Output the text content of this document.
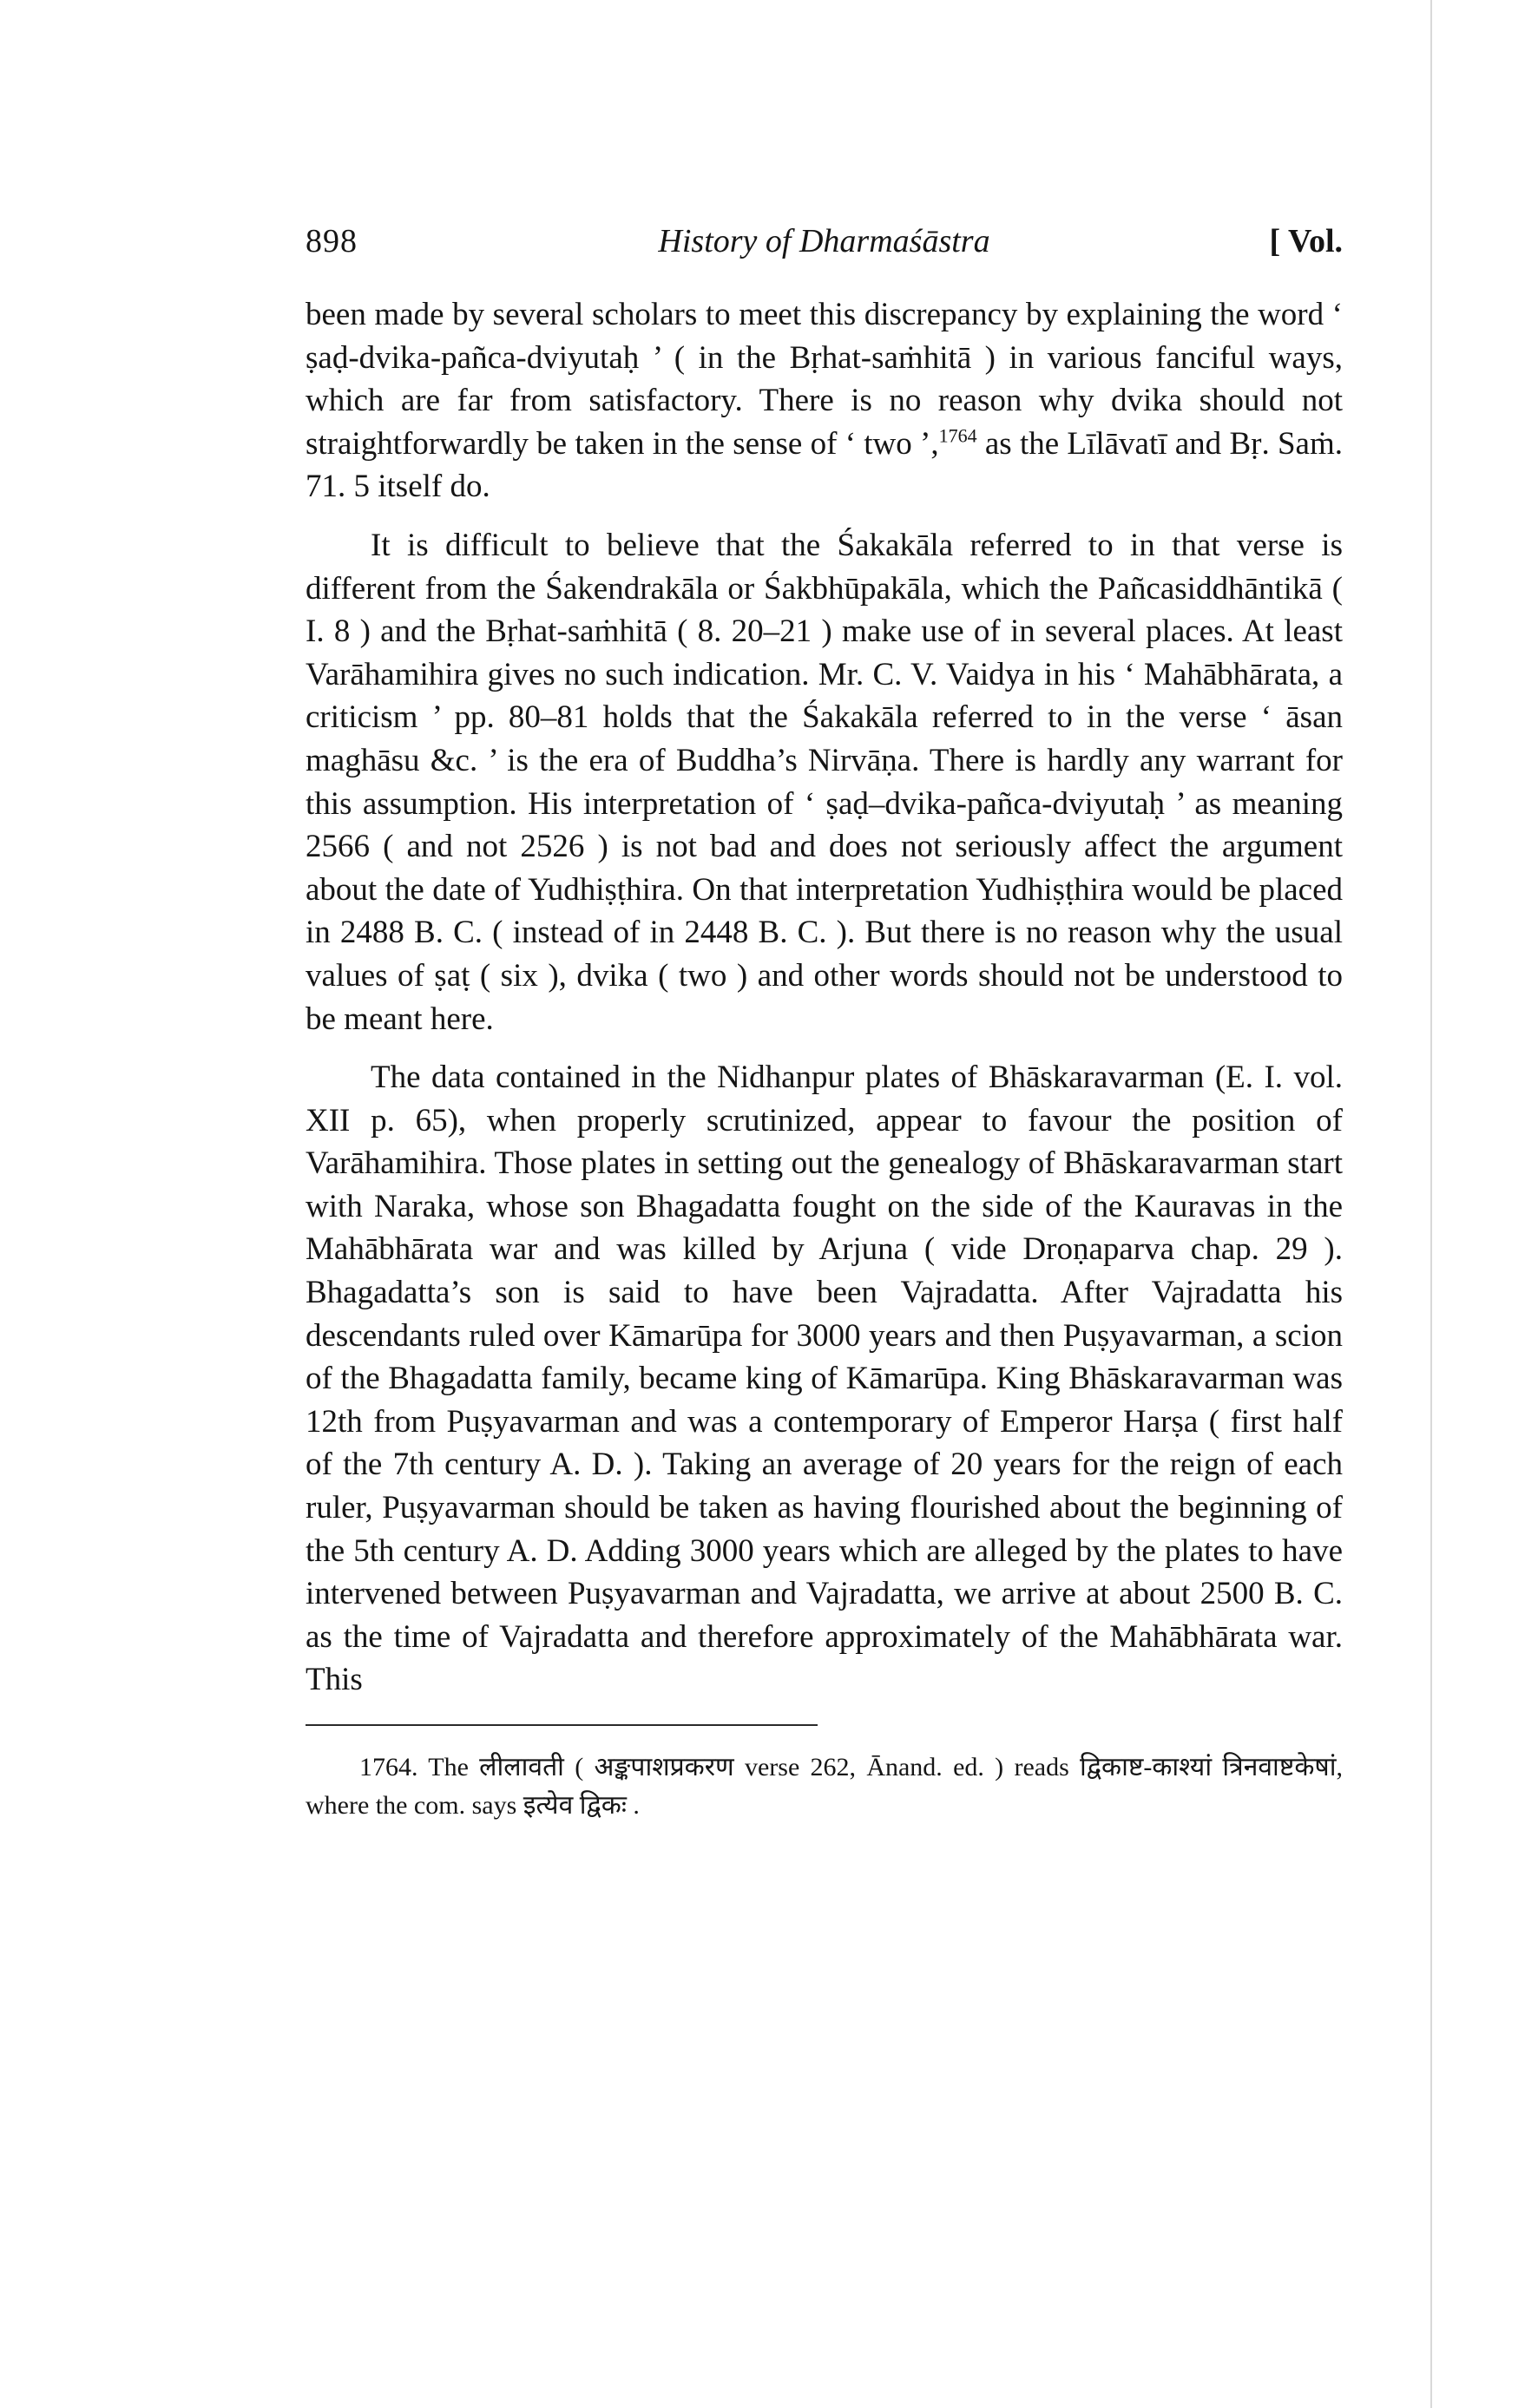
898	History of Dharmaśāstra	[ Vol.

been made by several scholars to meet this discrepancy by explaining the word ‘ ṣaḍ-dvika-pañca-dviyutaḥ ’ ( in the Bṛhat-saṁhitā ) in various fanciful ways, which are far from satisfactory. There is no reason why dvika should not straightforwardly be taken in the sense of ‘ two ’,$^{1764}$ as the Līlāvatī and Bṛ. Saṁ. 71. 5 itself do.

It is difficult to believe that the Śakakāla referred to in that verse is different from the Śakendrakāla or Śakbhūpakāla, which the Pañcasiddhāntikā ( I. 8 ) and the Bṛhat-saṁhitā ( 8. 20–21 ) make use of in several places. At least Varāhamihira gives no such indication. Mr. C. V. Vaidya in his ‘ Mahābhārata, a criticism ’ pp. 80–81 holds that the Śakakāla referred to in the verse ‘ āsan maghāsu &c. ’ is the era of Buddha’s Nirvāṇa. There is hardly any warrant for this assumption. His interpretation of ‘ ṣaḍ–dvika-pañca-dviyutaḥ ’ as meaning 2566 ( and not 2526 ) is not bad and does not seriously affect the argument about the date of Yudhiṣṭhira. On that interpretation Yudhiṣṭhira would be placed in 2488 B. C. ( instead of in 2448 B. C. ). But there is no reason why the usual values of ṣaṭ ( six ), dvika ( two ) and other words should not be understood to be meant here.

The data contained in the Nidhanpur plates of Bhāskaravarman (E. I. vol. XII p. 65), when properly scrutinized, appear to favour the position of Varāhamihira. Those plates in setting out the genealogy of Bhāskaravarman start with Naraka, whose son Bhagadatta fought on the side of the Kauravas in the Mahābhārata war and was killed by Arjuna ( vide Droṇaparva chap. 29 ). Bhagadatta’s son is said to have been Vajradatta. After Vajradatta his descendants ruled over Kāmarūpa for 3000 years and then Puṣyavarman, a scion of the Bhagadatta family, became king of Kāmarūpa. King Bhāskaravarman was 12th from Puṣyavarman and was a contemporary of Emperor Harṣa ( first half of the 7th century A. D. ). Taking an average of 20 years for the reign of each ruler, Puṣyavarman should be taken as having flourished about the beginning of the 5th century A. D. Adding 3000 years which are alleged by the plates to have intervened between Puṣyavarman and Vajradatta, we arrive at about 2500 B. C. as the time of Vajradatta and therefore approximately of the Mahābhārata war. This

1764. The लीलावती ( अङ्कपाशप्रकरण verse 262, Ānand. ed. ) reads द्विकाष्ट-काश्यां त्रिनवाष्टकेषां, where the com. says इत्येव द्विकः .
